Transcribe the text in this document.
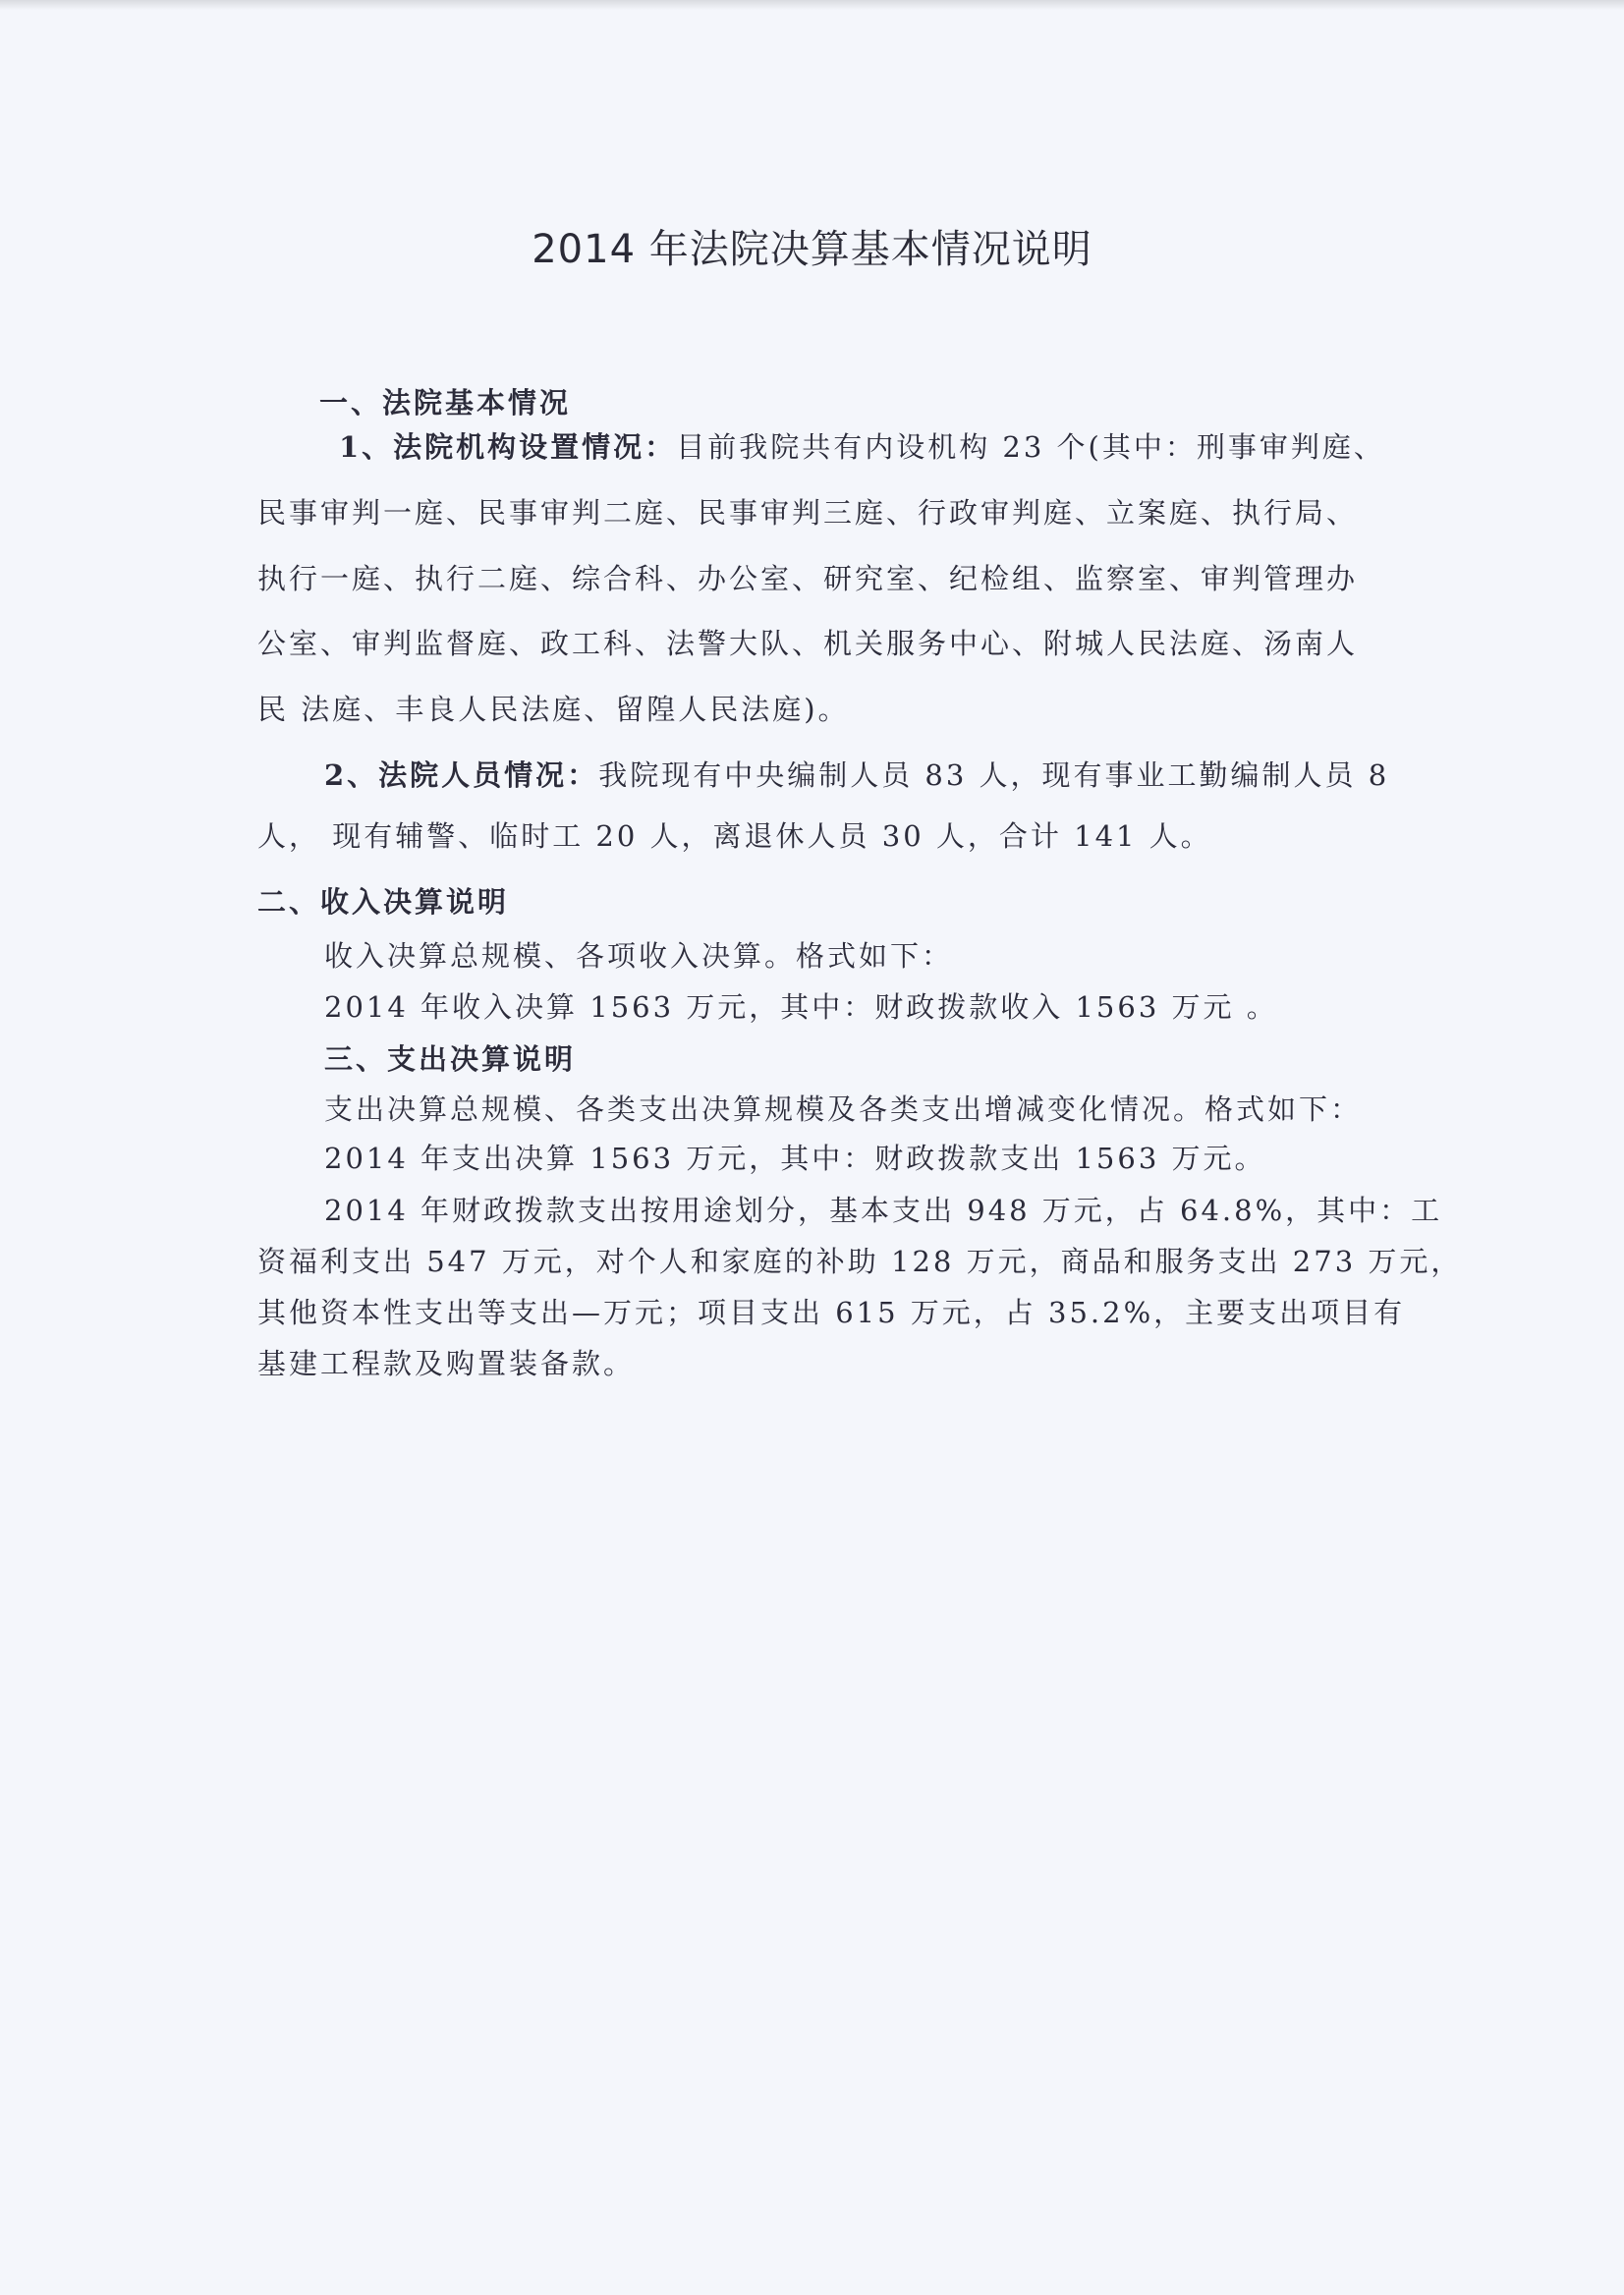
2014 年法院决算基本情况说明
一、法院基本情况
1、法院机构设置情况：目前我院共有内设机构 23 个(其中：刑事审判庭、
民事审判一庭、民事审判二庭、民事审判三庭、行政审判庭、立案庭、执行局、
执行一庭、执行二庭、综合科、办公室、研究室、纪检组、监察室、审判管理办
公室、审判监督庭、政工科、法警大队、机关服务中心、附城人民法庭、汤南人
民 法庭、丰良人民法庭、留隍人民法庭)。
2、法院人员情况：我院现有中央编制人员 83 人，现有事业工勤编制人员 8
人， 现有辅警、临时工 20 人，离退休人员 30 人，合计 141 人。
二、收入决算说明
收入决算总规模、各项收入决算。格式如下：
2014 年收入决算 1563 万元，其中：财政拨款收入 1563 万元 。
三、支出决算说明
支出决算总规模、各类支出决算规模及各类支出增减变化情况。格式如下：
2014 年支出决算 1563 万元，其中：财政拨款支出 1563 万元。
2014 年财政拨款支出按用途划分，基本支出 948 万元，占 64.8%，其中：工
资福利支出 547 万元，对个人和家庭的补助 128 万元，商品和服务支出 273 万元，
其他资本性支出等支出—万元；项目支出 615 万元，占 35.2%，主要支出项目有
基建工程款及购置装备款。
